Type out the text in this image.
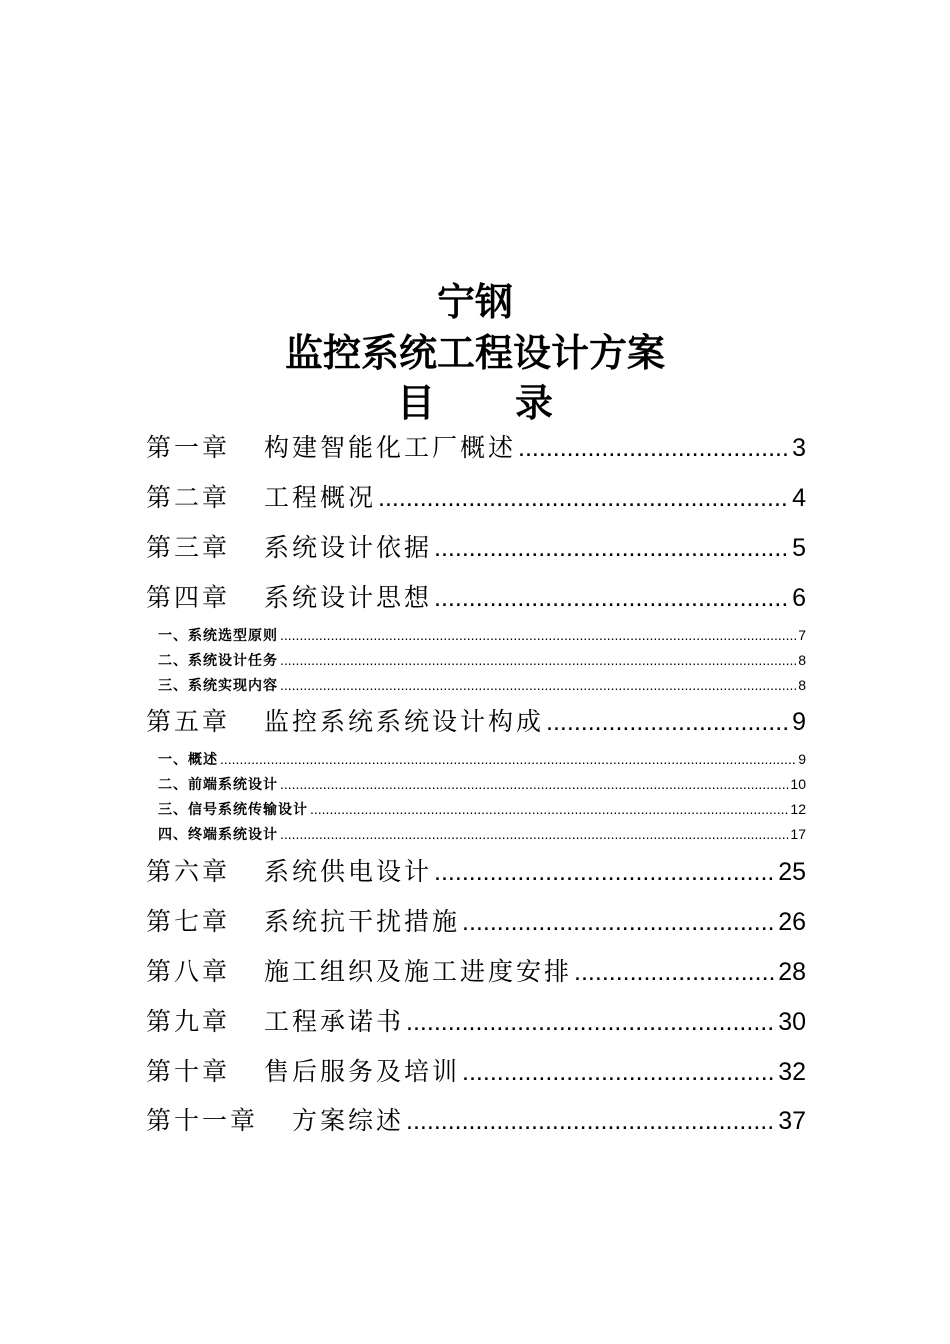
宁钢
监控系统工程设计方案
目 录
第一章 构建智能化工厂概述 .....	3
第二章 工程概况 .....	4
第三章 系统设计依据 .....	5
第四章 系统设计思想 .....	6
一、系统选型原则 .....	7
二、系统设计任务 .....	8
三、系统实现内容 .....	8
第五章 监控系统系统设计构成 .....	9
一、概述 .....	9
二、前端系统设计 .....	10
三、信号系统传输设计 .....	12
四、终端系统设计 .....	17
第六章 系统供电设计 .....	25
第七章 系统抗干扰措施 .....	26
第八章 施工组织及施工进度安排 .....	28
第九章 工程承诺书 .....	30
第十章 售后服务及培训 .....	32
第十一章 方案综述 .....	37
